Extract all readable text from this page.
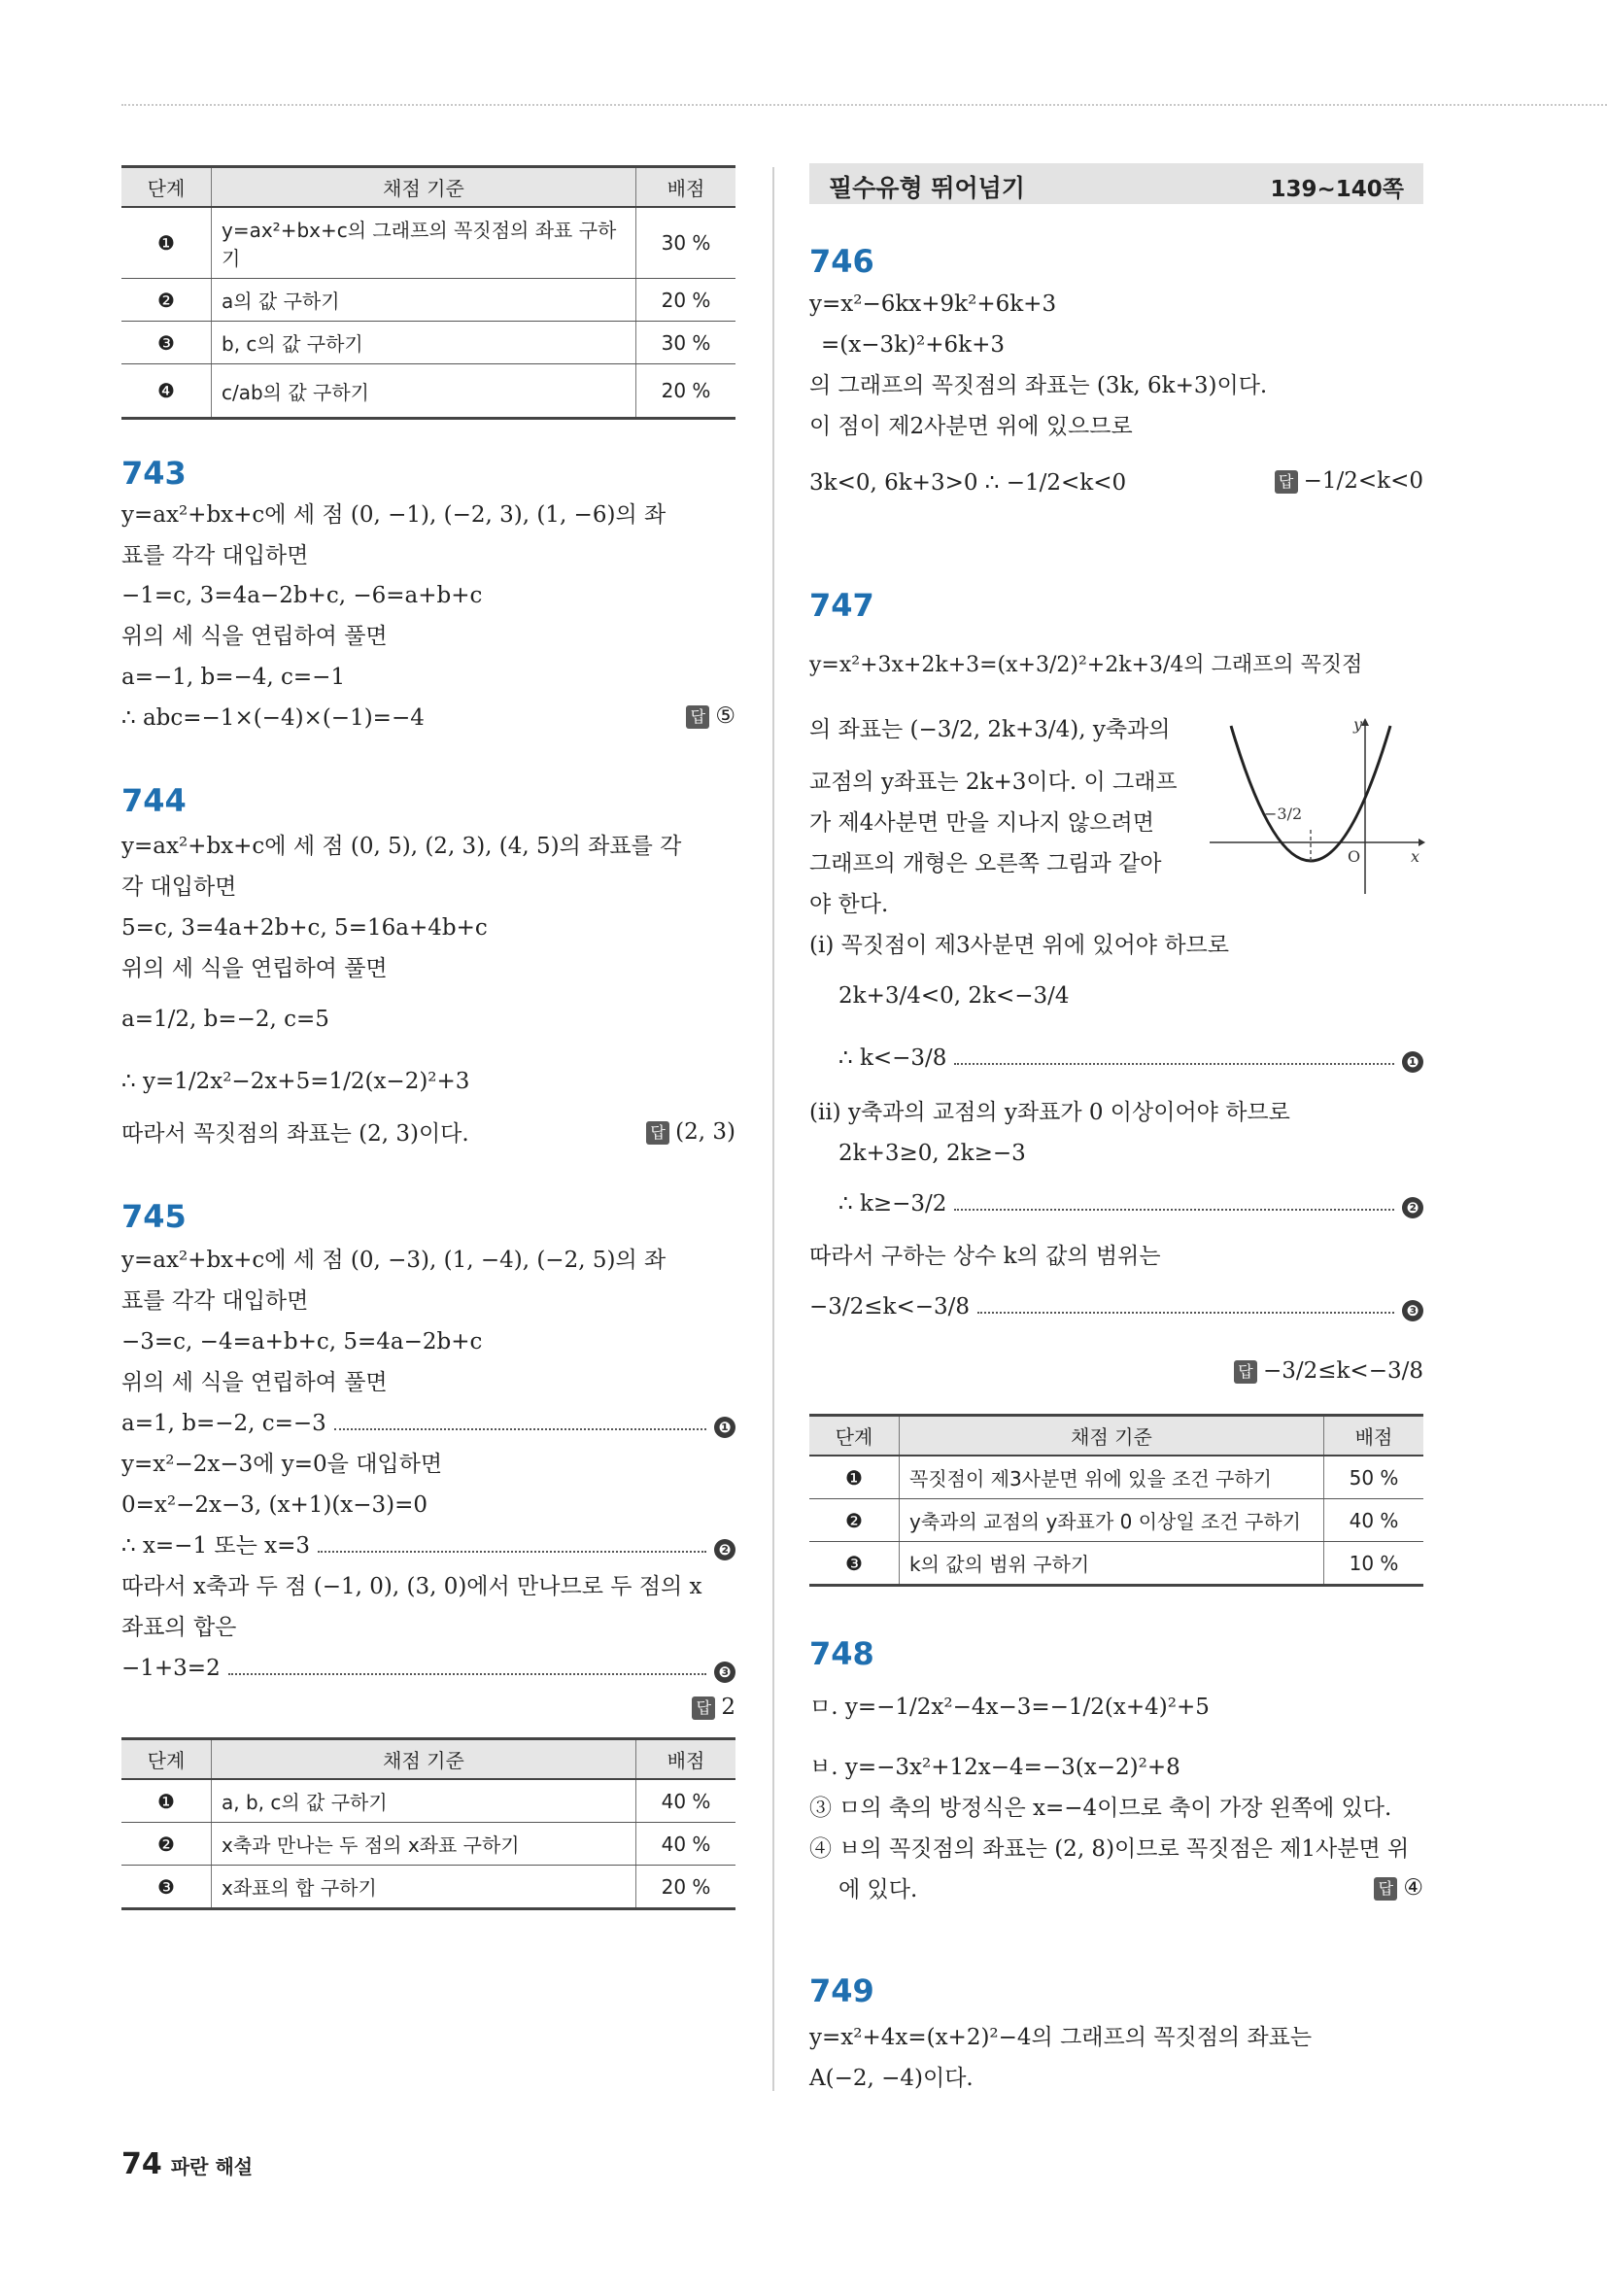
단계	채점 기준	배점
❶	y=ax²+bx+c의 그래프의 꼭짓점의 좌표 구하기	30 %
❷	a의 값 구하기	20 %
❸	b, c의 값 구하기	30 %
❹	c/ab의 값 구하기	20 %
743
y=ax²+bx+c에 세 점 (0, −1), (−2, 3), (1, −6)의 좌
표를 각각 대입하면
−1=c, 3=4a−2b+c, −6=a+b+c
위의 세 식을 연립하여 풀면
a=−1, b=−4, c=−1
∴ abc=−1×(−4)×(−1)=−4	답 ⑤
744
y=ax²+bx+c에 세 점 (0, 5), (2, 3), (4, 5)의 좌표를 각
각 대입하면
5=c, 3=4a+2b+c, 5=16a+4b+c
위의 세 식을 연립하여 풀면
a=1/2, b=−2, c=5
∴ y=1/2x²−2x+5=1/2(x−2)²+3
따라서 꼭짓점의 좌표는 (2, 3)이다.	답 (2, 3)
745
y=ax²+bx+c에 세 점 (0, −3), (1, −4), (−2, 5)의 좌
표를 각각 대입하면
−3=c, −4=a+b+c, 5=4a−2b+c
위의 세 식을 연립하여 풀면
a=1, b=−2, c=−3	❶
y=x²−2x−3에 y=0을 대입하면
0=x²−2x−3, (x+1)(x−3)=0
∴ x=−1 또는 x=3	❷
따라서 x축과 두 점 (−1, 0), (3, 0)에서 만나므로 두 점의 x
좌표의 합은
−1+3=2	❸
답 2
단계	채점 기준	배점
❶	a, b, c의 값 구하기	40 %
❷	x축과 만나는 두 점의 x좌표 구하기	40 %
❸	x좌표의 합 구하기	20 %
필수유형 뛰어넘기	139~140쪽
746
y=x²−6kx+9k²+6k+3
=(x−3k)²+6k+3
의 그래프의 꼭짓점의 좌표는 (3k, 6k+3)이다.
이 점이 제2사분면 위에 있으므로
3k<0, 6k+3>0 ∴ −1/2<k<0	답 −1/2<k<0
747
y=x²+3x+2k+3=(x+3/2)²+2k+3/4의 그래프의 꼭짓점
의 좌표는 (−3/2, 2k+3/4), y축과의
교점의 y좌표는 2k+3이다. 이 그래프
가 제4사분면 만을 지나지 않으려면
그래프의 개형은 오른쪽 그림과 같아
야 한다.
y
x
O
−3/2
(i) 꼭짓점이 제3사분면 위에 있어야 하므로
2k+3/4<0, 2k<−3/4
∴ k<−3/8	❶
(ii) y축과의 교점의 y좌표가 0 이상이어야 하므로
2k+3≥0, 2k≥−3
∴ k≥−3/2	❷
따라서 구하는 상수 k의 값의 범위는
−3/2≤k<−3/8	❸
답 −3/2≤k<−3/8
단계	채점 기준	배점
❶	꼭짓점이 제3사분면 위에 있을 조건 구하기	50 %
❷	y축과의 교점의 y좌표가 0 이상일 조건 구하기	40 %
❸	k의 값의 범위 구하기	10 %
748
ㅁ. y=−1/2x²−4x−3=−1/2(x+4)²+5
ㅂ. y=−3x²+12x−4=−3(x−2)²+8
③ ㅁ의 축의 방정식은 x=−4이므로 축이 가장 왼쪽에 있다.
④ ㅂ의 꼭짓점의 좌표는 (2, 8)이므로 꼭짓점은 제1사분면 위
에 있다.	답 ④
749
y=x²+4x=(x+2)²−4의 그래프의 꼭짓점의 좌표는
A(−2, −4)이다.
74 파란 해설
